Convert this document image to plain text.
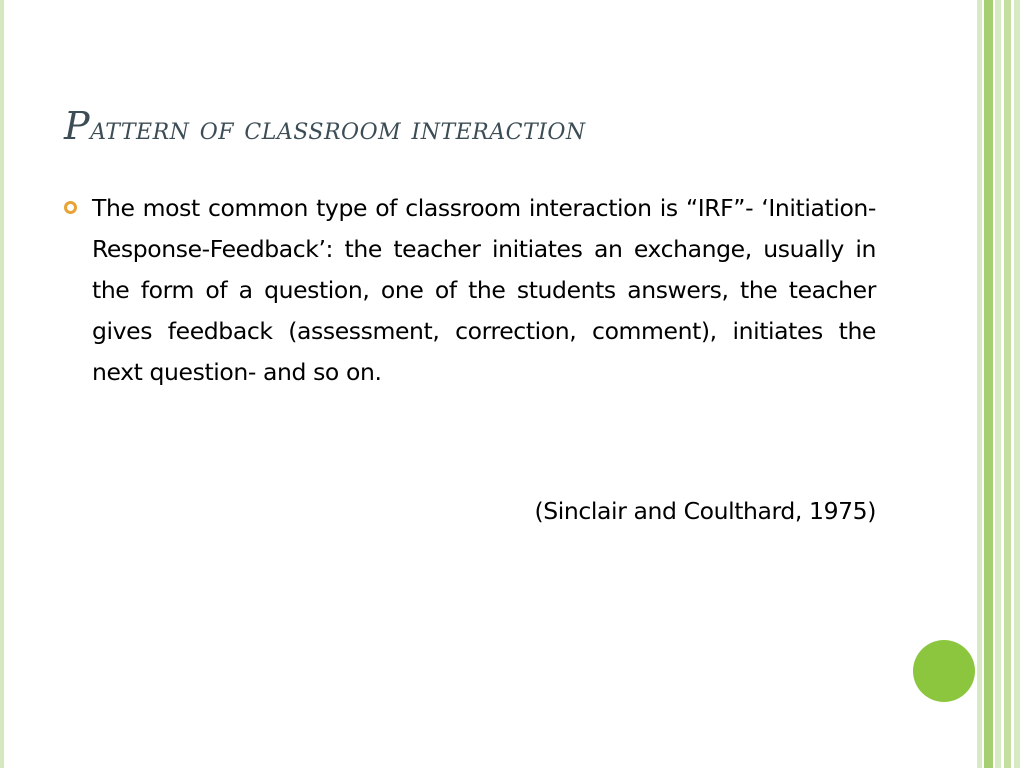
Pattern of classroom interaction

The most common type of classroom interaction is “IRF”- ‘Initiation-Response-Feedback’: the teacher initiates an exchange, usually in the form of a question, one of the students answers, the teacher gives feedback (assessment, correction, comment), initiates the next question- and so on.

(Sinclair and Coulthard, 1975)
